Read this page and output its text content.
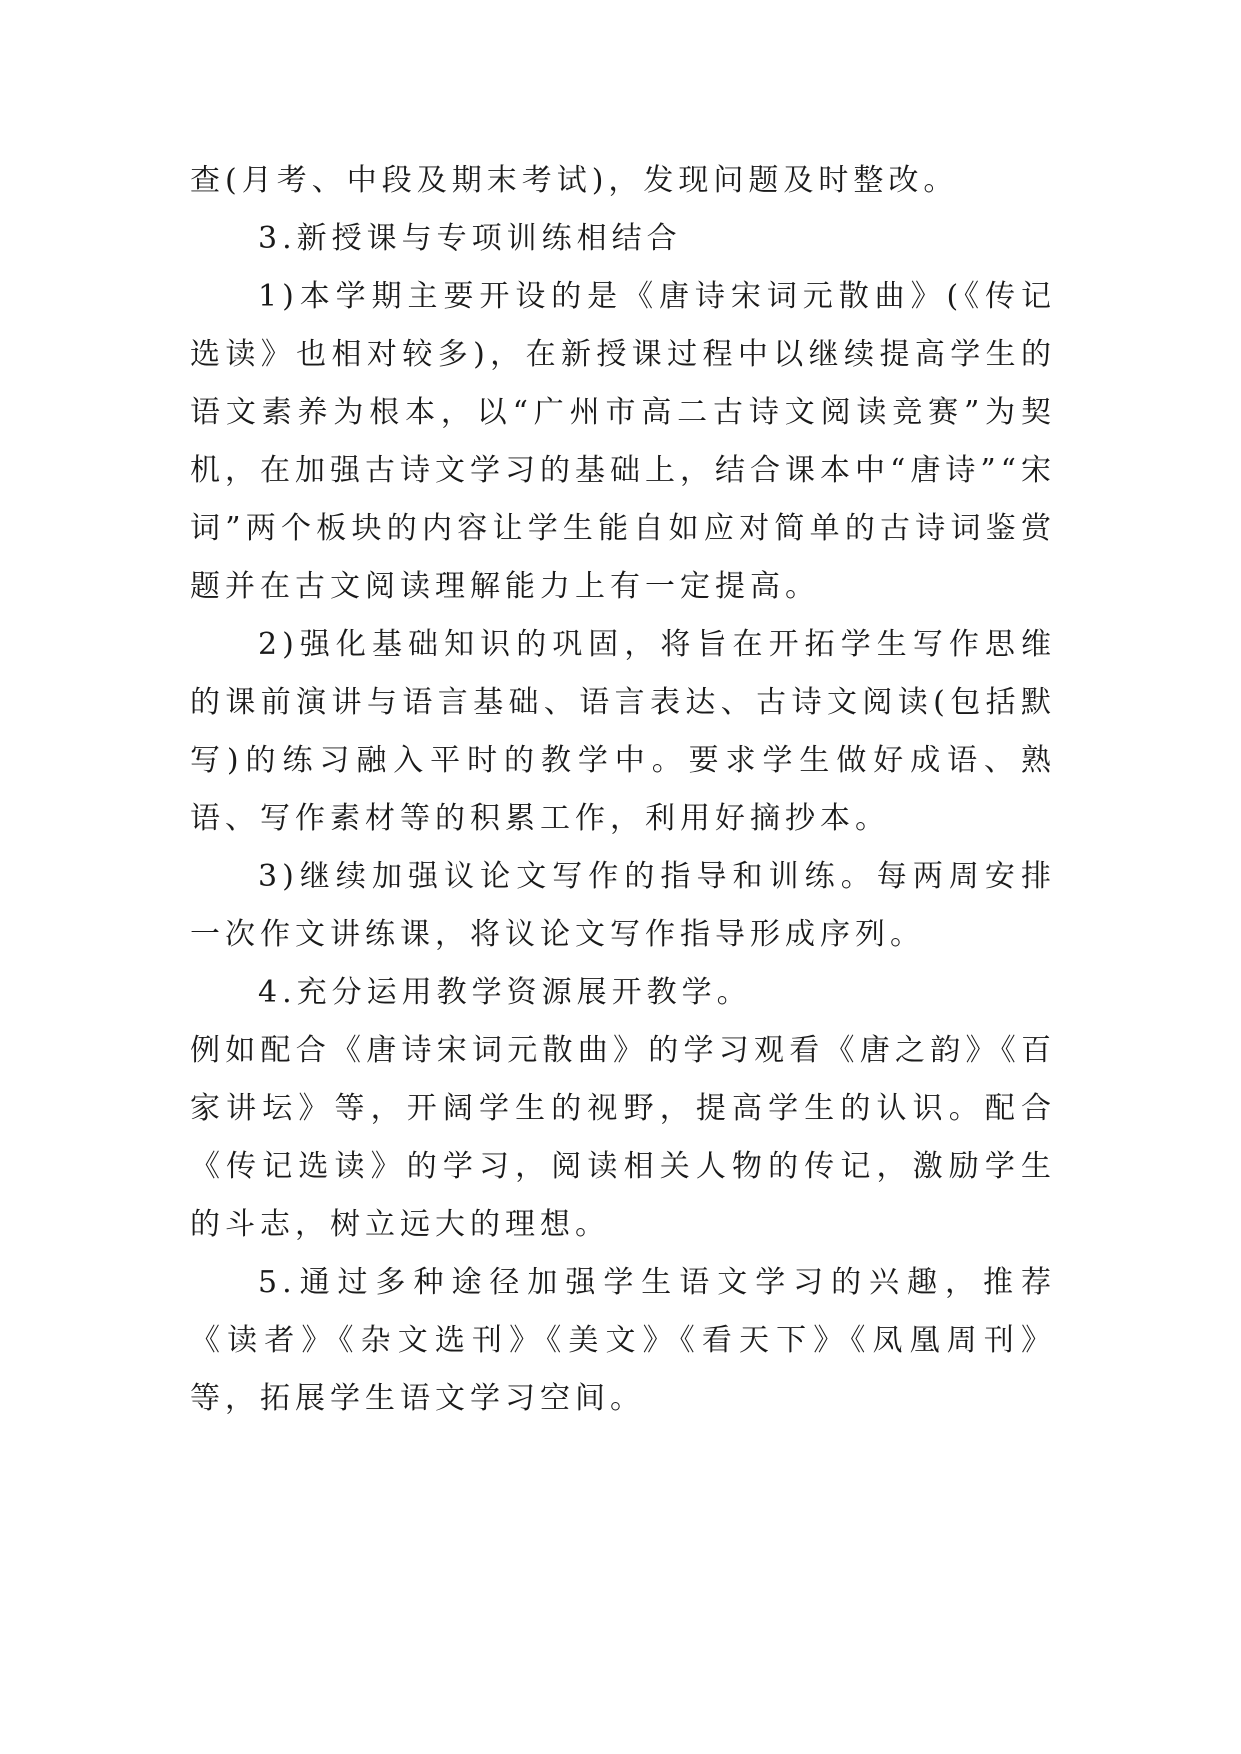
查(月考、中段及期末考试)，发现问题及时整改。

3.新授课与专项训练相结合

1)本学期主要开设的是《唐诗宋词元散曲》(《传记选读》也相对较多)，在新授课过程中以继续提高学生的语文素养为根本，以“广州市高二古诗文阅读竞赛”为契机，在加强古诗文学习的基础上，结合课本中“唐诗”“宋词”两个板块的内容让学生能自如应对简单的古诗词鉴赏题并在古文阅读理解能力上有一定提高。

2)强化基础知识的巩固，将旨在开拓学生写作思维的课前演讲与语言基础、语言表达、古诗文阅读(包括默写)的练习融入平时的教学中。要求学生做好成语、熟语、写作素材等的积累工作，利用好摘抄本。

3)继续加强议论文写作的指导和训练。每两周安排一次作文讲练课，将议论文写作指导形成序列。

4.充分运用教学资源展开教学。

例如配合《唐诗宋词元散曲》的学习观看《唐之韵》《百家讲坛》等，开阔学生的视野，提高学生的认识。配合《传记选读》的学习，阅读相关人物的传记，激励学生的斗志，树立远大的理想。

5.通过多种途径加强学生语文学习的兴趣，推荐《读者》《杂文选刊》《美文》《看天下》《凤凰周刊》等，拓展学生语文学习空间。
